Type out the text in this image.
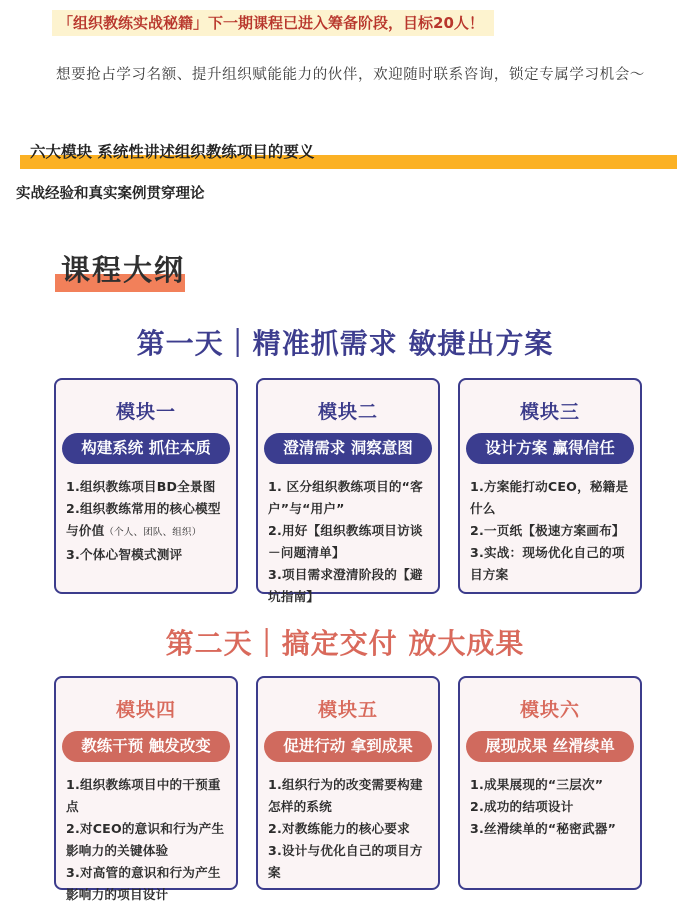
「组织教练实战秘籍」下一期课程已进入筹备阶段，目标20人！
想要抢占学习名额、提升组织赋能能力的伙伴，欢迎随时联系咨询，锁定专属学习机会～
六大模块 系统性讲述组织教练项目的要义
实战经验和真实案例贯穿理论
课程大纲
第一天｜精准抓需求 敏捷出方案
模块一
构建系统 抓住本质
1.组织教练项目BD全景图
2.组织教练常用的核心模型与价值（个人、团队、组织）
3.个体心智模式测评
模块二
澄清需求 洞察意图
1. 区分组织教练项目的“客户”与“用户”
2.用好【组织教练项目访谈－问题清单】
3.项目需求澄清阶段的【避坑指南】
模块三
设计方案 赢得信任
1.方案能打动CEO，秘籍是什么
2.一页纸【极速方案画布】
3.实战：现场优化自己的项目方案
第二天｜搞定交付 放大成果
模块四
教练干预 触发改变
1.组织教练项目中的干预重点
2.对CEO的意识和行为产生影响力的关键体验
3.对高管的意识和行为产生影响力的项目设计
模块五
促进行动 拿到成果
1.组织行为的改变需要构建怎样的系统
2.对教练能力的核心要求
3.设计与优化自己的项目方案
模块六
展现成果 丝滑续单
1.成果展现的“三层次”
2.成功的结项设计
3.丝滑续单的“秘密武器”
